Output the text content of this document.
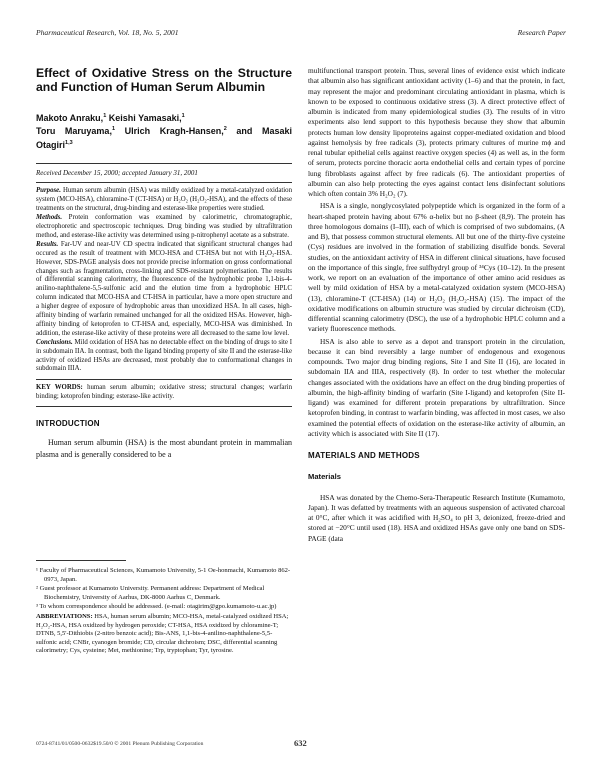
Pharmaceutical Research, Vol. 18, No. 5, 2001	Research Paper
Effect of Oxidative Stress on the Structure and Function of Human Serum Albumin
Makoto Anraku,$^1$ Keishi Yamasaki,$^1$
Toru Maruyama,$^1$ Ulrich Kragh-Hansen,$^2$ and Masaki Otagiri$^{1,3}$
Received December 15, 2000; accepted January 31, 2001

Purpose. Human serum albumin (HSA) was mildly oxidized by a metal-catalyzed oxidation system (MCO-HSA), chloramine-T (CT-HSA) or H₂O₂ (H₂O₂-HSA), and the effects of these treatments on the structural, drug-binding and esterase-like properties were studied.

Methods. Protein conformation was examined by calorimetric, chromatographic, electrophoretic and spectroscopic techniques. Drug binding was studied by ultrafiltration method, and esterase-like activity was determined using p-nitrophenyl acetate as a substrate.

Results. Far-UV and near-UV CD spectra indicated that significant structural changes had occured as the result of treatment with MCO-HSA and CT-HSA but not with H₂O₂-HSA. However, SDS-PAGE analysis does not provide precise information on gross conformational changes such as fragmentation, cross-linking and SDS-resistant polymerisation. The results of differential scanning calorimetry, the fluorescence of the hydrophobic probe 1,1-bis-4-anilino-naphthalene-5,5-sulfonic acid and the elution time from a hydrophobic HPLC column indicated that MCO-HSA and CT-HSA in particular, have a more open structure and a higher degree of exposure of hydrophobic areas than unoxidized HSA. In all cases, high-affinity binding of warfarin remained unchanged for all the oxidized HSAs. However, high-affinity binding of ketoprofen to CT-HSA and, especially, MCO-HSA was diminished. In addition, the esterase-like activity of these proteins were all decreased to the same low level.

Conclusions. Mild oxidation of HSA has no detectable effect on the binding of drugs to site I in subdomain IIA. In contrast, both the ligand binding property of site II and the esterase-like activity of oxidized HSAs are decreased, most probably due to conformational changes in subdomain IIIA.

KEY WORDS: human serum albumin; oxidative stress; structural changes; warfarin binding; ketoprofen binding; esterase-like activity.
INTRODUCTION

Human serum albumin (HSA) is the most abundant protein in mammalian plasma and is generally considered to be a

¹ Faculty of Pharmaceutical Sciences, Kumamoto University, 5-1 Oe-honmachi, Kumamoto 862-0973, Japan.

² Guest professor at Kumamoto University. Permanent address: Department of Medical Biochemistry, University of Aarhus, DK-8000 Aarhus C, Denmark.

³ To whom correspondence should be addressed. (e-mail: otagirim@gpo.kumamoto-u.ac.jp)

ABBREVIATIONS: HSA, human serum albumin; MCO-HSA, metal-catalyzed oxidized HSA; H₂O₂-HSA, HSA oxidized by hydrogen peroxide; CT-HSA, HSA oxidized by chloramine-T; DTNB, 5,5'-Dithiobis (2-nitro benzoic acid); Bis-ANS, 1,1-bis-4-anilino-naphthalene-5,5-sulfonic acid; CNBr, cyanogen bromide; CD, circular dichroism; DSC, differential scanning calorimetry; Cys, cysteine; Met, methionine; Trp, tryptophan; Tyr, tyrosine.

multifunctional transport protein. Thus, several lines of evidence exist which indicate that albumin also has significant antioxidant activity (1–6) and that the protein, in fact, may represent the major and predominant circulating antioxidant in plasma, which is known to be exposed to continuous oxidative stress (3). A direct protective effect of albumin is indicated from many epidemiological studies (3). The results of in vitro experiments also lend support to this hypothesis because they show that albumin protects human low density lipoproteins against copper-mediated oxidation and blood against hemolysis by free radicals (3), protects primary cultures of murine mϕ and renal tubular epithelial cells against reactive oxygen species (4) as well as, in the form of serum, protects porcine thoracic aorta endothelial cells and certain types of porcine lung fibroblasts against affect by free radicals (6). The antioxidant properties of albumin can also help protecting the eyes against contact lens disinfectant solutions which often contain 3% H₂O₂ (7).

HSA is a single, nonglycosylated polypeptide which is organized in the form of a heart-shaped protein having about 67% α-helix but no β-sheet (8,9). The protein has three homologous domains (I–III), each of which is comprised of two subdomains, (A and B), that possess common structural elements. All but one of the thirty-five cysteine (Cys) residues are involved in the formation of stabilizing disulfide bonds. Several studies, on the antioxidant activity of HSA in different clinical situations, have focused on the importance of this single, free sulfhydryl group of ³⁴Cys (10–12). In the present work, we report on an evaluation of the importance of other amino acid residues as well by mild oxidation of HSA by a metal-catalyzed oxidation system (MCO-HSA) (13), chloramine-T (CT-HSA) (14) or H₂O₂ (H₂O₂-HSA) (15). The impact of the oxidative modifications on albumin structure was studied by circular dichroism (CD), differential scanning calorimetry (DSC), the use of a hydrophobic HPLC column and a variety fluorescence methods.

HSA is also able to serve as a depot and transport protein in the circulation, because it can bind reversibly a large number of endogenous and exogenous compounds. Two major drug binding regions, Site I and Site II (16), are located in subdomain IIA and IIIA, respectively (8). In order to test whether the molecular changes associated with the oxidations have an effect on the drug binding properties of albumin, the high-affinity binding of warfarin (Site I-ligand) and ketoprofen (Site II-ligand) was examined for different protein preparations by ultrafiltration. Since ketoprofen binding, in contrast to warfarin binding, was affected in most cases, we also examined the potential effects of oxidation on the esterase-like activity of albumin, an activity which is associated with Site II (17).

MATERIALS AND METHODS
Materials

HSA was donated by the Chemo-Sera-Therapeutic Research Institute (Kumamoto, Japan). It was defatted by treatments with an aqueous suspension of activated charcoal at 0°C, after which it was acidified with H₂SO₄ to pH 3, deionized, freeze-dried and stored at −20°C until used (18). HSA and oxidized HSAs gave only one band on SDS-PAGE (data

0724-8741/01/0500-0632$19.50/0 © 2001 Plenum Publishing Corporation	632
